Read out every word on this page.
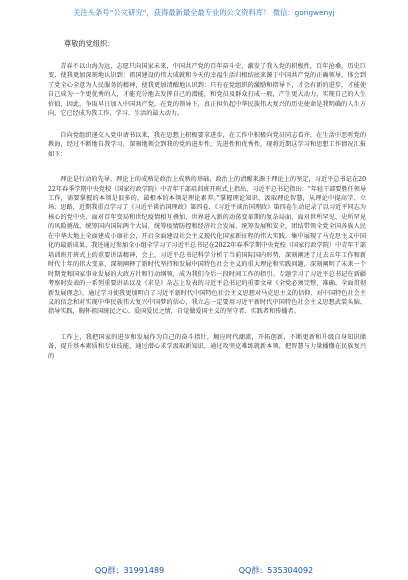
关注头条号“公文研究”，获得最新最全最专业的公文资料库！ 微信：gongwenyj
尊敬的党组织：

青春不以山海为远，志愿只向国家未来，中国共产党的百年奋斗史，激发了我入党的积极性，百年沧桑，历史巨变，使我更加深刻地认识到：祖国建设的伟大成就和今天的幸福生活归根结底来源于中国共产党的正确领导，体会到了党全心全意为人民服务的精神，使我更加清醒地认识到：只有在党组织的激励和指导下，才会有新的进步，才能使自己成为一个更优秀的人，才能充分地去发挥自己的潜能，和党员及群众打成一般，产生更大动力，实现自己的人生价值，因此，争取早日加入中国共产党，在党的领导下，真正担负起中华民族伟大复兴的历史使命是我明确的人生方向，它已经成为我工作、学习、生活的最大动力。

自向党组织递交入党申请书以来，我在思想上积极要求进步，在工作中积极向党员同志看齐，在生活中恶听党的教诲，经过不断地自我学习，深刻地领会到我的党的进步性、先进性和优秀性，现将近期这学习和思想工作情况汇报如下：

理论是行动的先导，理论上的成熟是政治上成熟的基础，政治上的清醒来源于理论上的坚定，习近平总书记在2022年春季学期中央党校（国家行政学院）中青年干部培训班开班式上指出，习近平总书记指出：“年轻干部要胜任领导工作，需要掌握的本领是很多的，最根本的本领是理论素养。”掌握理论知识、汲取理论智慧，从理论中提高学、立场、思路，近期我重点学习了《习近平谈治国理政》第四卷、《习近平谈治国理政》第四卷生动记录了以习近平同志为核心的党中央，面对百年变局和世纪疫情相互叠加、世界进入新的动荡变革期的复杂局面，面对世所罕见、史所罕见的风险挑战，统筹国内国际两个大局，统筹疫情防控和经济社会发展，统筹发展和安全，团结带领全党全国各族人民在中华大地上全面建成小康社会，开启全面建设社会主义现代化国家新征程的伟大实践，集中展现了马克思主义中国化的最新成果、我还通过参加全小组全学习了习近平总书记在2022年春季学期中央党校（国家行政学院）中青年干部培训班开班式上的重要讲话精神，会上，习近平总书记科学分析了当前国际国内形势，深刻阐述了过去五年工作和新时代十年的伟大变革，深刻阐释了新时代坚持和发展中国特色社会主义的重大理论和实践问题，深刻阐明了未来一个时期党和国家事业发展的大政方针和行动纲领，成为我们今后一段时间工作的指引。专题学习了习近平总书记在新疆考察时发表的一系列重要讲话以及《求是》杂志上发表的习近平总书记的重要文章《全党必须完整、准确、全面贯彻新发展理念》，通过学习使我更加明白了习近平新时代中国特色社会主义思想对马克思主义的信仰、对中国特色社会主义的信念和对实现中华民族伟大复兴中国梦的信心，我立志一定要用习近平新时代中国特色社会主义思想武装头脑、指导实践，胸怀祖国统民之心、爱国爱民之情，自觉做爱国主义的坚守者、实践者和传播者。

工作上，我把国家的进步和发展作为自己的奋斗指针，顺应时代潮流，开拓创新，不断更新和升级自身知识储备，提升基本素质和专业技能，通过潜心求学汲取新知识，通过攻坚克难练就新本领，把智慧与力量播撒在民族复兴的

QQ群：31991489	QQ群：535304092
